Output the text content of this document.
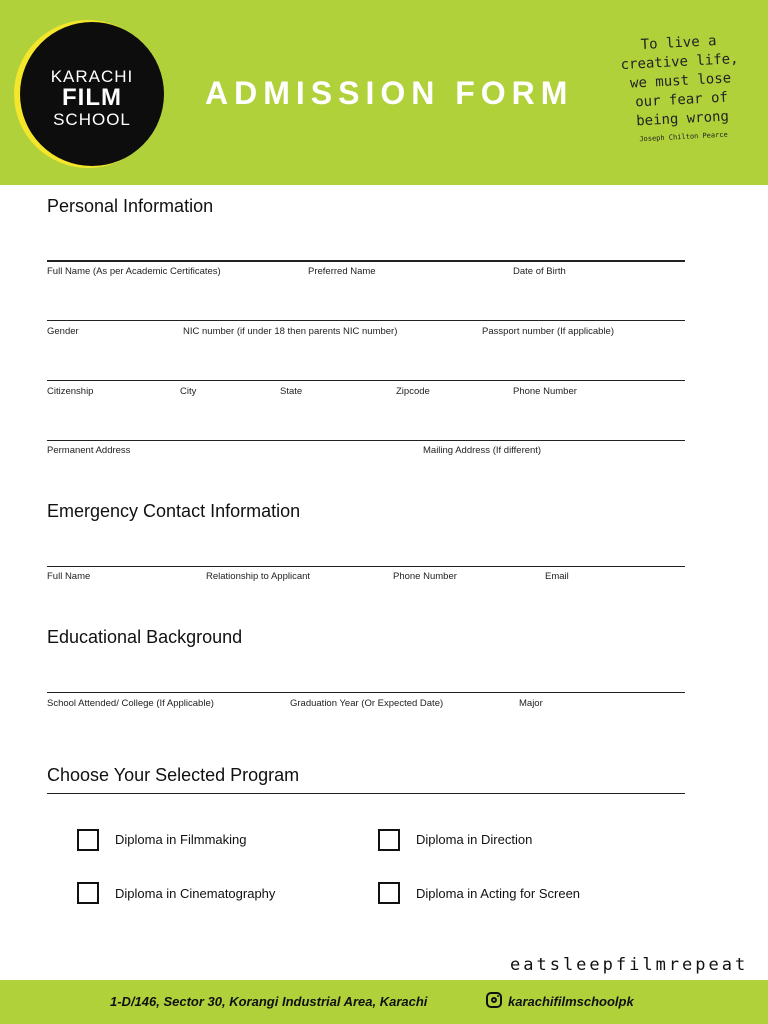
KARACHI
FILM
SCHOOL
ADMISSION FORM
To live a
creative life,
we must lose
our fear of
being wrong
Joseph Chilton Pearce
Personal Information
Full Name (As per Academic Certificates)	Preferred Name	Date of Birth
Gender	NIC number (if under 18 then parents NIC number)	Passport number (If applicable)
Citizenship	City	State	Zipcode	Phone Number
Permanent Address	Mailing Address (If different)
Emergency Contact Information
Full Name	Relationship to Applicant	Phone Number	Email
Educational Background
School Attended/ College (If Applicable)	Graduation Year (Or Expected Date)	Major
Choose Your Selected Program
Diploma in Filmmaking	Diploma in Direction
Diploma in Cinematography	Diploma in Acting for Screen
eatsleepfilmrepeat
1-D/146, Sector 30, Korangi Industrial Area, Karachi	karachifilmschoolpk
